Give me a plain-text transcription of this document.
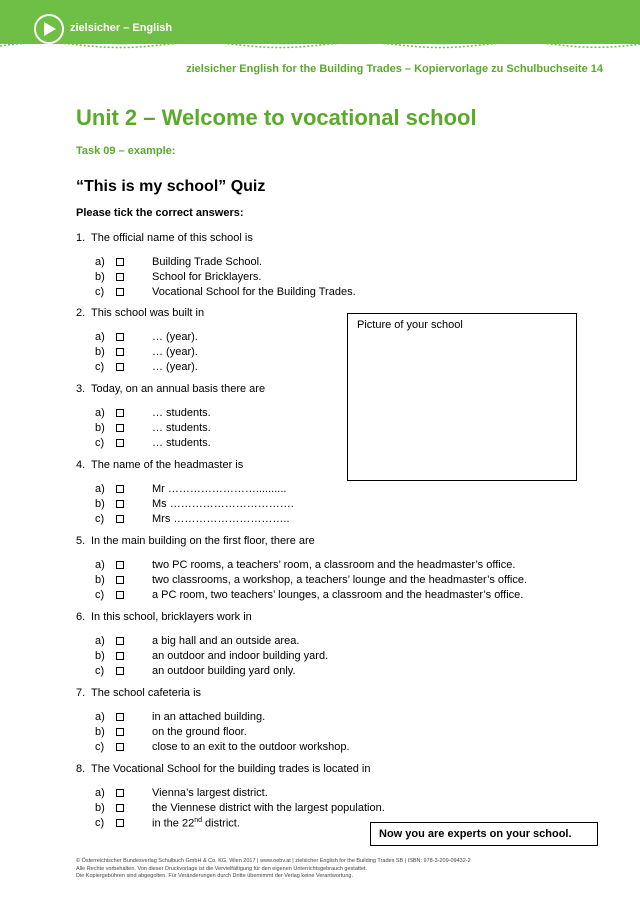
zielsicher – English
zielsicher English for the Building Trades – Kopiervorlage zu Schulbuchseite 14
Unit 2 – Welcome to vocational school
Task 09 – example:
“This is my school” Quiz
Please tick the correct answers:
Picture of your school
1. The official name of this school is
a)	Building Trade School.
b)	School for Bricklayers.
c)	Vocational School for the Building Trades.
2. This school was built in
a)	… (year).
b)	… (year).
c)	… (year).
3. Today, on an annual basis there are
a)	… students.
b)	… students.
c)	… students.
4. The name of the headmaster is
a)	Mr ……………………..........
b)	Ms …………………………….
c)	Mrs …………………………..
5. In the main building on the first floor, there are
a)	two PC rooms, a teachers’ room, a classroom and the headmaster’s office.
b)	two classrooms, a workshop, a teachers’ lounge and the headmaster’s office.
c)	a PC room, two teachers’ lounges, a classroom and the headmaster’s office.
6. In this school, bricklayers work in
a)	a big hall and an outside area.
b)	an outdoor and indoor building yard.
c)	an outdoor building yard only.
7. The school cafeteria is
a)	in an attached building.
b)	on the ground floor.
c)	close to an exit to the outdoor workshop.
8. The Vocational School for the building trades is located in
a)	Vienna’s largest district.
b)	the Viennese district with the largest population.
c)	in the 22nd district.
Now you are experts on your school.
© Österreichischer Bundesverlag Schulbuch GmbH & Co. KG, Wien 2017 | www.oebv.at | zielsicher English for the Building Trades SB | ISBN: 978-3-209-09432-2
Alle Rechte vorbehalten. Von dieser Druckvorlage ist die Vervielfältigung für den eigenen Unterrichtsgebrauch gestattet.
Die Kopiergebühren sind abgegolten. Für Veränderungen durch Dritte übernimmt der Verlag keine Verantwortung.
